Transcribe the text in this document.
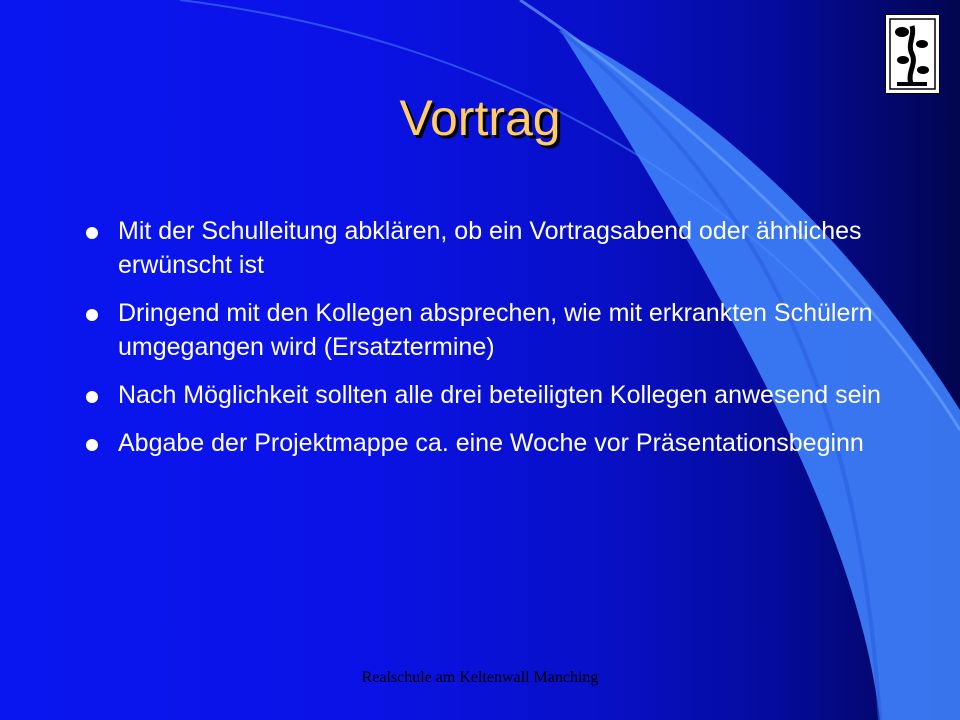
Vortrag
Mit der Schulleitung abklären, ob ein Vortragsabend oder ähnliches erwünscht ist
Dringend mit den Kollegen absprechen, wie mit erkrankten Schülern umgegangen wird (Ersatztermine)
Nach Möglichkeit sollten alle drei beteiligten Kollegen anwesend sein
Abgabe der Projektmappe ca. eine Woche vor Präsentationsbeginn
Realschule am Keltenwall Manching
